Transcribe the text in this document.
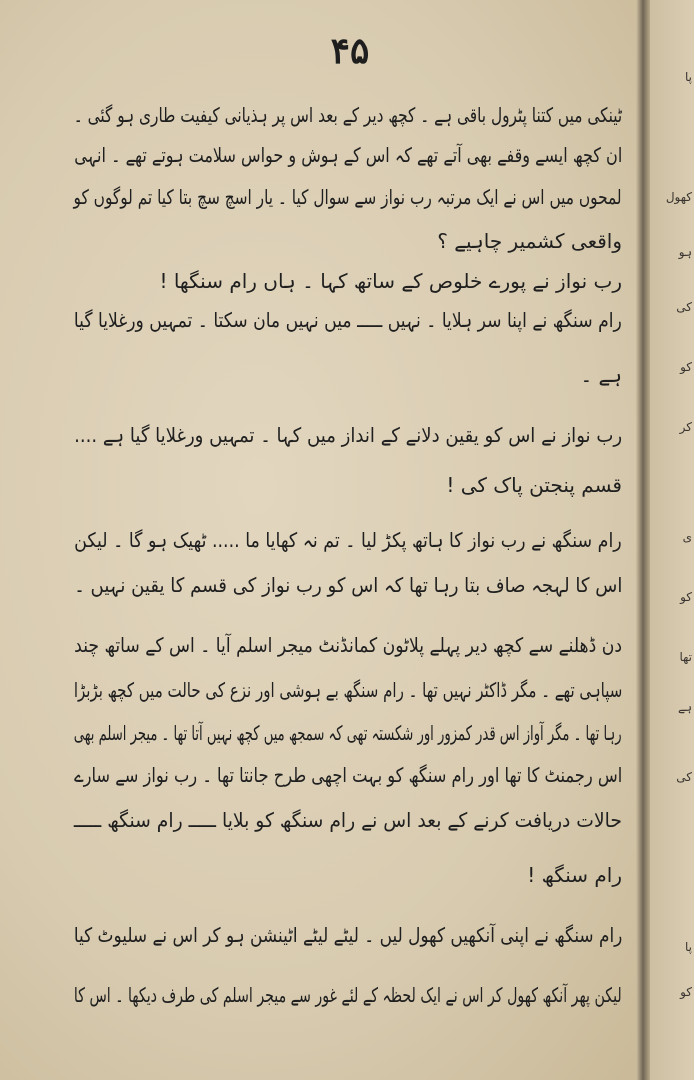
پا
کھول
ہو
کی
کو
کر
ی
کو
تھا
ہے
کی
پا
کو
۴۵
ٹینکی میں کتنا پٹرول باقی ہے ۔ کچھ دیر کے بعد اس پر ہذیانی کیفیت طاری ہو گئی ۔
ان کچھ ایسے وقفے بھی آتے تھے کہ اس کے ہوش و حواس سلامت ہوتے تھے ۔ انہی
لمحوں میں اس نے ایک مرتبہ رب نواز سے سوال کیا ۔ یار اسچ سچ بتا کیا تم لوگوں کو
واقعی کشمیر چاہیے ؟
رب نواز نے پورے خلوص کے ساتھ کہا ۔ ہاں رام سنگھا !
رام سنگھ نے اپنا سر ہلایا ۔ نہیں ـــــ میں نہیں مان سکتا ۔ تمہیں ورغلایا گیا
ہے ۔
رب نواز نے اس کو یقین دلانے کے انداز میں کہا ۔ تمہیں ورغلایا گیا ہے ....
قسم پنجتن پاک کی !
رام سنگھ نے رب نواز کا ہاتھ پکڑ لیا ۔ تم نہ کھایا ما ..... ٹھیک ہو گا ۔ لیکن
اس کا لہجہ صاف بتا رہا تھا کہ اس کو رب نواز کی قسم کا یقین نہیں ۔
دن ڈھلنے سے کچھ دیر پہلے پلاٹون کمانڈنٹ میجر اسلم آیا ۔ اس کے ساتھ چند
سپاہی تھے ۔ مگر ڈاکٹر نہیں تھا ۔ رام سنگھ بے ہوشی اور نزع کی حالت میں کچھ بڑبڑا
رہا تھا ۔ مگر آواز اس قدر کمزور اور شکستہ تھی کہ سمجھ میں کچھ نہیں آتا تھا ۔ میجر اسلم بھی
اس رجمنٹ کا تھا اور رام سنگھ کو بہت اچھی طرح جانتا تھا ۔ رب نواز سے سارے
حالات دریافت کرنے کے بعد اس نے رام سنگھ کو بلایا ـــــ رام سنگھ ـــــ
رام سنگھ !
رام سنگھ نے اپنی آنکھیں کھول لیں ۔ لیٹے لیٹے اٹینشن ہو کر اس نے سلیوٹ کیا
لیکن پھر آنکھ کھول کر اس نے ایک لحظہ کے لئے غور سے میجر اسلم کی طرف دیکھا ۔ اس کا
